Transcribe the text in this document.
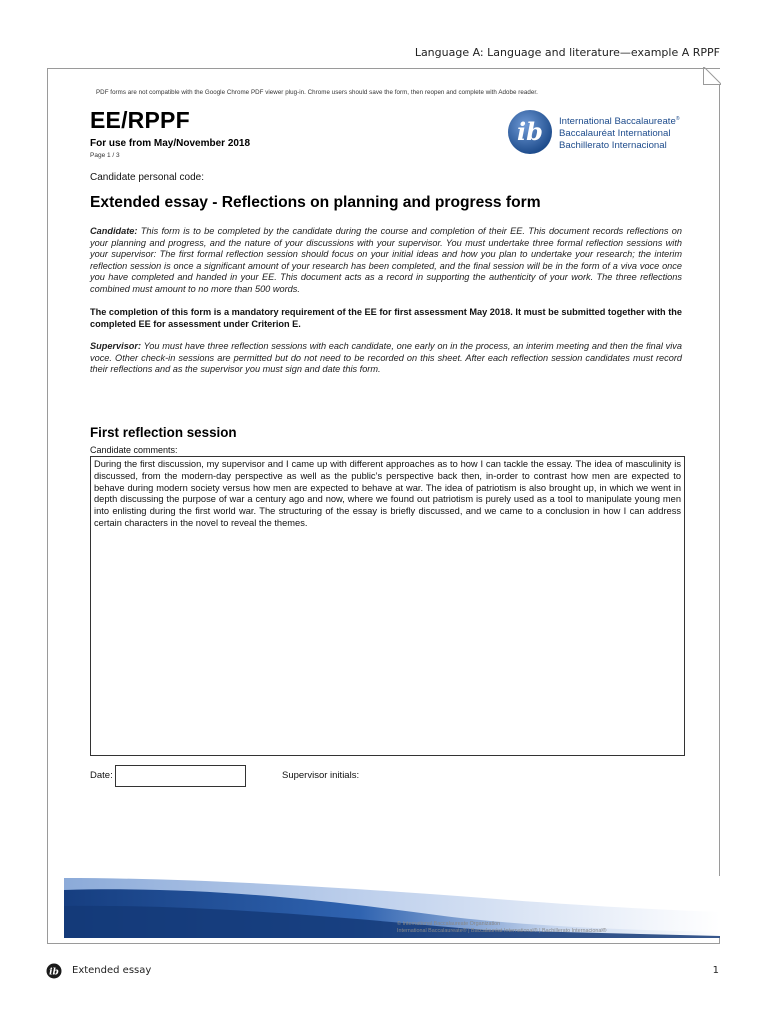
Language A: Language and literature—example A RPPF
PDF forms are not compatible with the Google Chrome PDF viewer plug-in. Chrome users should save the form, then reopen and complete with Adobe reader.
EE/RPPF
For use from May/November 2018
Page 1 / 3
ib International Baccalaureate®
Baccalauréat International
Bachillerato Internacional
Candidate personal code:
Extended essay - Reflections on planning and progress form
Candidate: This form is to be completed by the candidate during the course and completion of their EE. This document records reflections on your planning and progress, and the nature of your discussions with your supervisor. You must undertake three formal reflection sessions with your supervisor: The first formal reflection session should focus on your initial ideas and how you plan to undertake your research; the interim reflection session is once a significant amount of your research has been completed, and the final session will be in the form of a viva voce once you have completed and handed in your EE. This document acts as a record in supporting the authenticity of your work. The three reflections combined must amount to no more than 500 words.
The completion of this form is a mandatory requirement of the EE for first assessment May 2018. It must be submitted together with the completed EE for assessment under Criterion E.
Supervisor: You must have three reflection sessions with each candidate, one early on in the process, an interim meeting and then the final viva voce. Other check-in sessions are permitted but do not need to be recorded on this sheet. After each reflection session candidates must record their reflections and as the supervisor you must sign and date this form.
First reflection session
Candidate comments:
During the first discussion, my supervisor and I came up with different approaches as to how I can tackle the essay. The idea of masculinity is discussed, from the modern-day perspective as well as the public’s perspective back then, in-order to contrast how men are expected to behave during modern society versus how men are expected to behave at war. The idea of patriotism is also brought up, in which we went in depth discussing the purpose of war a century ago and now, where we found out patriotism is purely used as a tool to manipulate young men into enlisting during the first world war. The structuring of the essay is briefly discussed, and we came to a conclusion in how I can address certain characters in the novel to reveal the themes.
Date:	Supervisor initials:
© International Baccalaureate Organization
International Baccalaureate® | Baccalauréat International® | Bachillerato Internacional®
ib Extended essay	1
